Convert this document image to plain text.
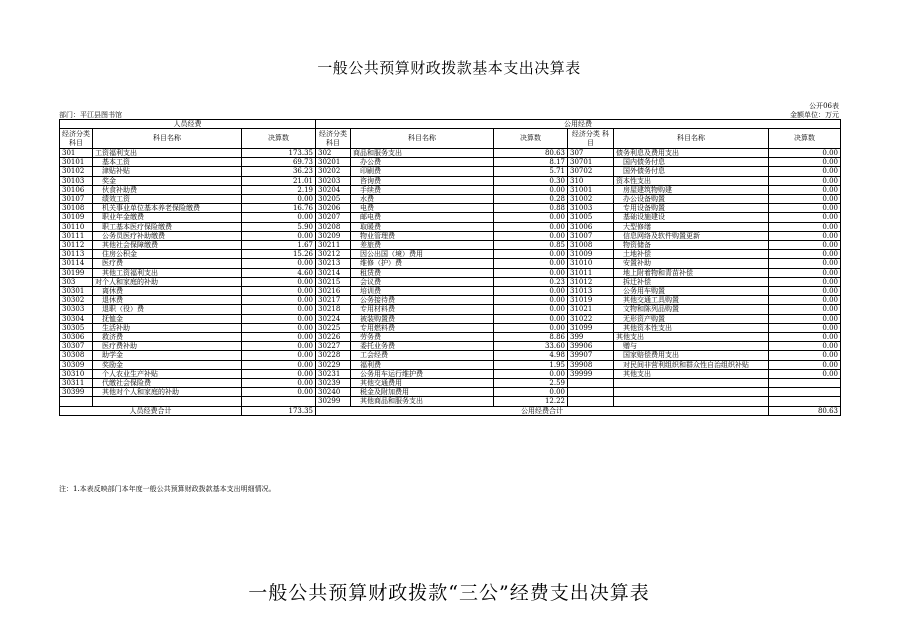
一般公共预算财政拨款基本支出决算表
公开06表
金额单位：万元
部门：平江县图书馆
人员经费			公用经费					
经济分类 科目	科目名称	决算数	经济分类 科目	科目名称	决算数	经济分类 科目	科目名称	决算数
301	工资福利支出	173.35	302	商品和服务支出	80.63	307	债务利息及费用支出	0.00
30101	基本工资	69.73	30201	办公费	8.17	30701	国内债务付息	0.00
30102	津贴补贴	36.23	30202	印刷费	5.71	30702	国外债务付息	0.00
30103	奖金	21.01	30203	咨询费	0.30	310	资本性支出	0.00
30106	伙食补助费	2.19	30204	手续费	0.00	31001	房屋建筑物购建	0.00
30107	绩效工资	0.00	30205	水费	0.28	31002	办公设备购置	0.00
30108	机关事业单位基本养老保险缴费	16.76	30206	电费	0.88	31003	专用设备购置	0.00
30109	职业年金缴费	0.00	30207	邮电费	0.00	31005	基础设施建设	0.00
30110	职工基本医疗保险缴费	5.90	30208	取暖费	0.00	31006	大型修缮	0.00
30111	公务员医疗补助缴费	0.00	30209	物业管理费	0.00	31007	信息网络及软件购置更新	0.00
30112	其他社会保障缴费	1.67	30211	差旅费	0.85	31008	物资储备	0.00
30113	住房公积金	15.26	30212	因公出国（境）费用	0.00	31009	土地补偿	0.00
30114	医疗费	0.00	30213	维修（护）费	0.00	31010	安置补助	0.00
30199	其他工资福利支出	4.60	30214	租赁费	0.00	31011	地上附着物和青苗补偿	0.00
303	对个人和家庭的补助	0.00	30215	会议费	0.23	31012	拆迁补偿	0.00
30301	离休费	0.00	30216	培训费	0.00	31013	公务用车购置	0.00
30302	退休费	0.00	30217	公务接待费	0.00	31019	其他交通工具购置	0.00
30303	退职（役）费	0.00	30218	专用材料费	0.00	31021	文物和陈列品购置	0.00
30304	抚恤金	0.00	30224	被装购置费	0.00	31022	无形资产购置	0.00
30305	生活补助	0.00	30225	专用燃料费	0.00	31099	其他资本性支出	0.00
30306	救济费	0.00	30226	劳务费	8.86	399	其他支出	0.00
30307	医疗费补助	0.00	30227	委托业务费	33.60	39906	赠与	0.00
30308	助学金	0.00	30228	工会经费	4.98	39907	国家赔偿费用支出	0.00
30309	奖励金	0.00	30229	福利费	1.95	39908	对民间非营利组织和群众性自治组织补贴	0.00
30310	个人农业生产补贴	0.00	30231	公务用车运行维护费	0.00	39999	其他支出	0.00
30311	代缴社会保险费	0.00	30239	其他交通费用	2.59			
30399	其他对个人和家庭的补助	0.00	30240	税金及附加费用	0.00			
			30299	其他商品和服务支出	12.22			
人员经费合计		173.35	公用经费合计					80.63
注：1.本表反映部门本年度一般公共预算财政拨款基本支出明细情况。
一般公共预算财政拨款“三公”经费支出决算表
